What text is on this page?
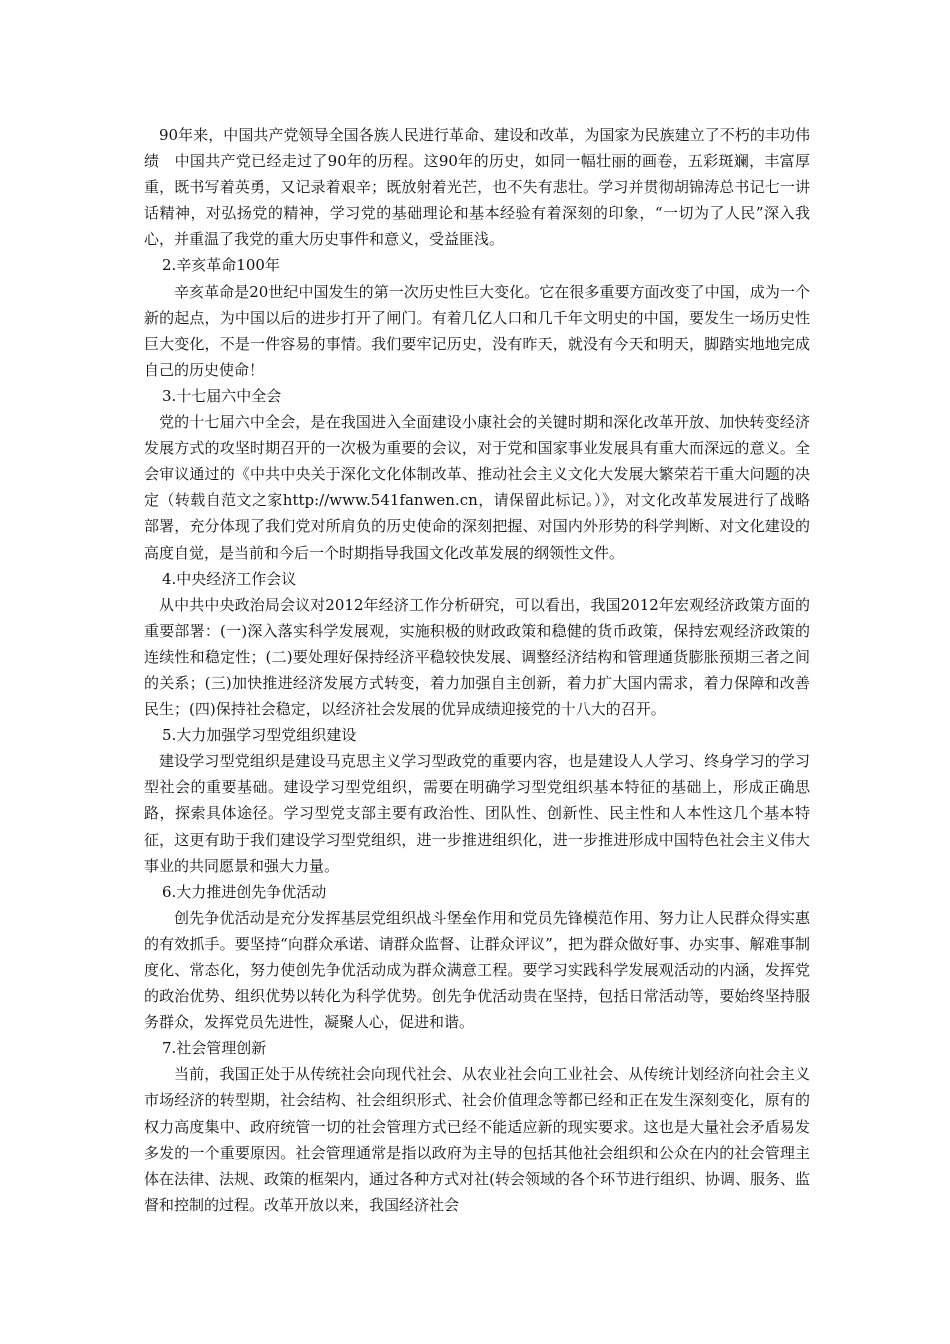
90年来，中国共产党领导全国各族人民进行革命、建设和改革，为国家为民族建立了不朽的丰功伟绩　中国共产党已经走过了90年的历程。这90年的历史，如同一幅壮丽的画卷，五彩斑斓，丰富厚重，既书写着英勇，又记录着艰辛；既放射着光芒，也不失有悲壮。学习并贯彻胡锦涛总书记七一讲话精神，对弘扬党的精神，学习党的基础理论和基本经验有着深刻的印象，“一切为了人民”深入我心，并重温了我党的重大历史事件和意义，受益匪浅。

2.辛亥革命100年

辛亥革命是20世纪中国发生的第一次历史性巨大变化。它在很多重要方面改变了中国，成为一个新的起点，为中国以后的进步打开了闸门。有着几亿人口和几千年文明史的中国，要发生一场历史性巨大变化，不是一件容易的事情。我们要牢记历史，没有昨天，就没有今天和明天，脚踏实地地完成自己的历史使命！

3.十七届六中全会

党的十七届六中全会，是在我国进入全面建设小康社会的关键时期和深化改革开放、加快转变经济发展方式的攻坚时期召开的一次极为重要的会议，对于党和国家事业发展具有重大而深远的意义。全会审议通过的《中共中央关于深化文化体制改革、推动社会主义文化大发展大繁荣若干重大问题的决定（转载自范文之家http://www.541fanwen.cn，请保留此标记。）》，对文化改革发展进行了战略部署，充分体现了我们党对所肩负的历史使命的深刻把握、对国内外形势的科学判断、对文化建设的高度自觉，是当前和今后一个时期指导我国文化改革发展的纲领性文件。

4.中央经济工作会议

从中共中央政治局会议对2012年经济工作分析研究，可以看出，我国2012年宏观经济政策方面的重要部署：(一)深入落实科学发展观，实施积极的财政政策和稳健的货币政策，保持宏观经济政策的连续性和稳定性；(二)要处理好保持经济平稳较快发展、调整经济结构和管理通货膨胀预期三者之间的关系；(三)加快推进经济发展方式转变，着力加强自主创新，着力扩大国内需求，着力保障和改善民生；(四)保持社会稳定，以经济社会发展的优异成绩迎接党的十八大的召开。

5.大力加强学习型党组织建设

建设学习型党组织是建设马克思主义学习型政党的重要内容，也是建设人人学习、终身学习的学习型社会的重要基础。建设学习型党组织，需要在明确学习型党组织基本特征的基础上，形成正确思路，探索具体途径。学习型党支部主要有政治性、团队性、创新性、民主性和人本性这几个基本特征，这更有助于我们建设学习型党组织，进一步推进组织化，进一步推进形成中国特色社会主义伟大事业的共同愿景和强大力量。

6.大力推进创先争优活动

创先争优活动是充分发挥基层党组织战斗堡垒作用和党员先锋模范作用、努力让人民群众得实惠的有效抓手。要坚持“向群众承诺、请群众监督、让群众评议”，把为群众做好事、办实事、解难事制度化、常态化，努力使创先争优活动成为群众满意工程。要学习实践科学发展观活动的内涵，发挥党的政治优势、组织优势以转化为科学优势。创先争优活动贵在坚持，包括日常活动等，要始终坚持服务群众，发挥党员先进性，凝聚人心，促进和谐。

7.社会管理创新

当前，我国正处于从传统社会向现代社会、从农业社会向工业社会、从传统计划经济向社会主义市场经济的转型期，社会结构、社会组织形式、社会价值理念等都已经和正在发生深刻变化，原有的权力高度集中、政府统管一切的社会管理方式已经不能适应新的现实要求。这也是大量社会矛盾易发多发的一个重要原因。社会管理通常是指以政府为主导的包括其他社会组织和公众在内的社会管理主体在法律、法规、政策的框架内，通过各种方式对社(转会领域的各个环节进行组织、协调、服务、监督和控制的过程。改革开放以来，我国经济社会
